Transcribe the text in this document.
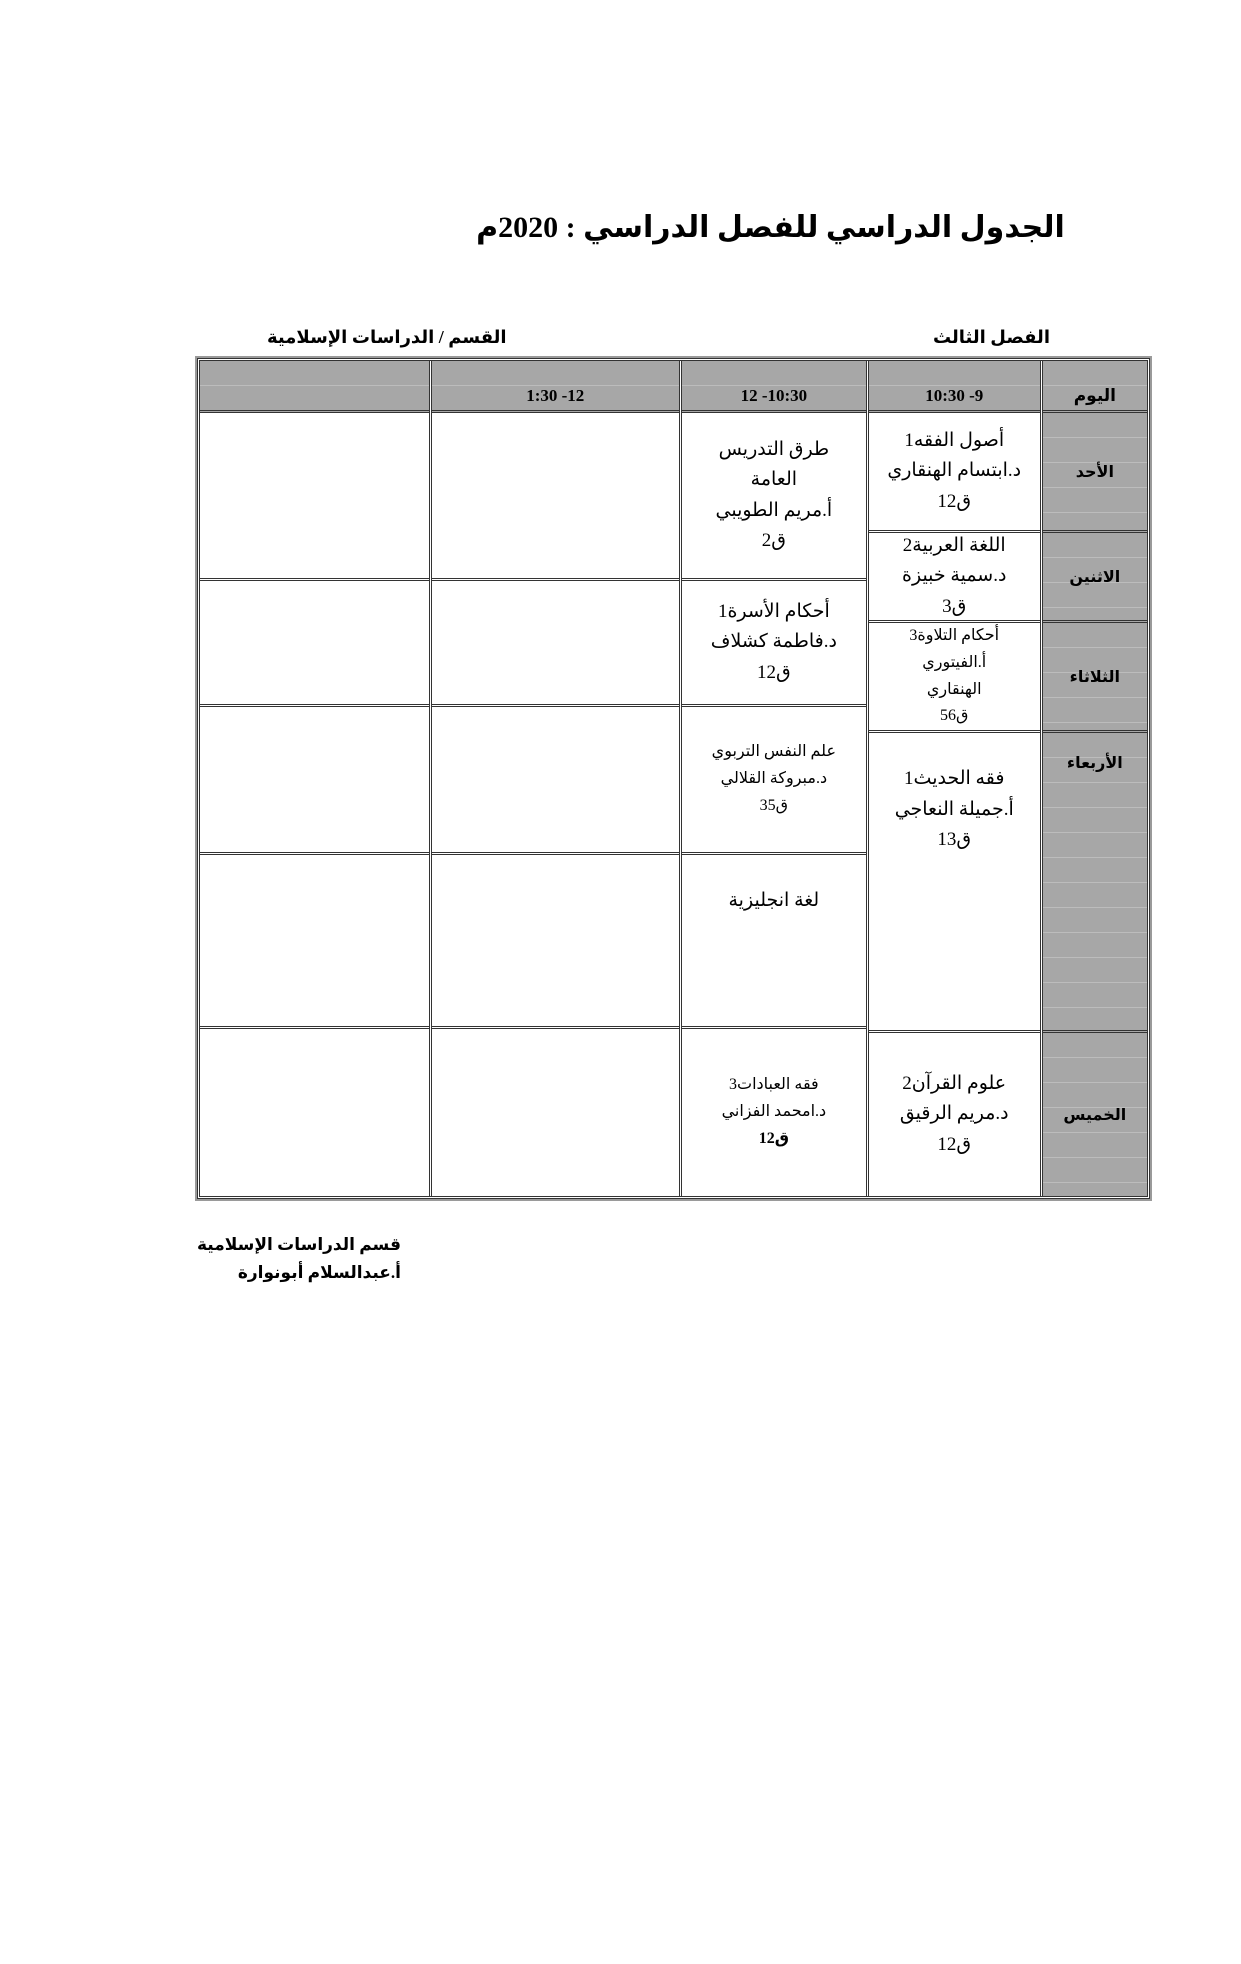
الجدول الدراسي للفصل الدراسي : 2020م
الفصل الثالث
القسم / الدراسات الإسلامية
اليوم
الأحد
الاثنين
الثلاثاء
الأربعاء
الخميس
10:30 -9
أصول الفقه1
د.ابتسام الهنقاري
ق12
اللغة العربية2
د.سمية خبيزة
ق3
أحكام التلاوة3
أ.الفيتوري
الهنقاري
ق56
فقه الحديث1
أ.جميلة النعاجي
ق13
علوم القرآن2
د.مريم الرقيق
ق12
12 -10:30
طرق التدريس
العامة
أ.مريم الطويبي
ق2
أحكام الأسرة1
د.فاطمة كشلاف
ق12
علم النفس التربوي
د.مبروكة القلالي
ق35
لغة انجليزية
فقه العبادات3
د.امحمد الفزاني
ق12
1:30 -12
قسم الدراسات الإسلامية
أ.عبدالسلام أبونوارة
